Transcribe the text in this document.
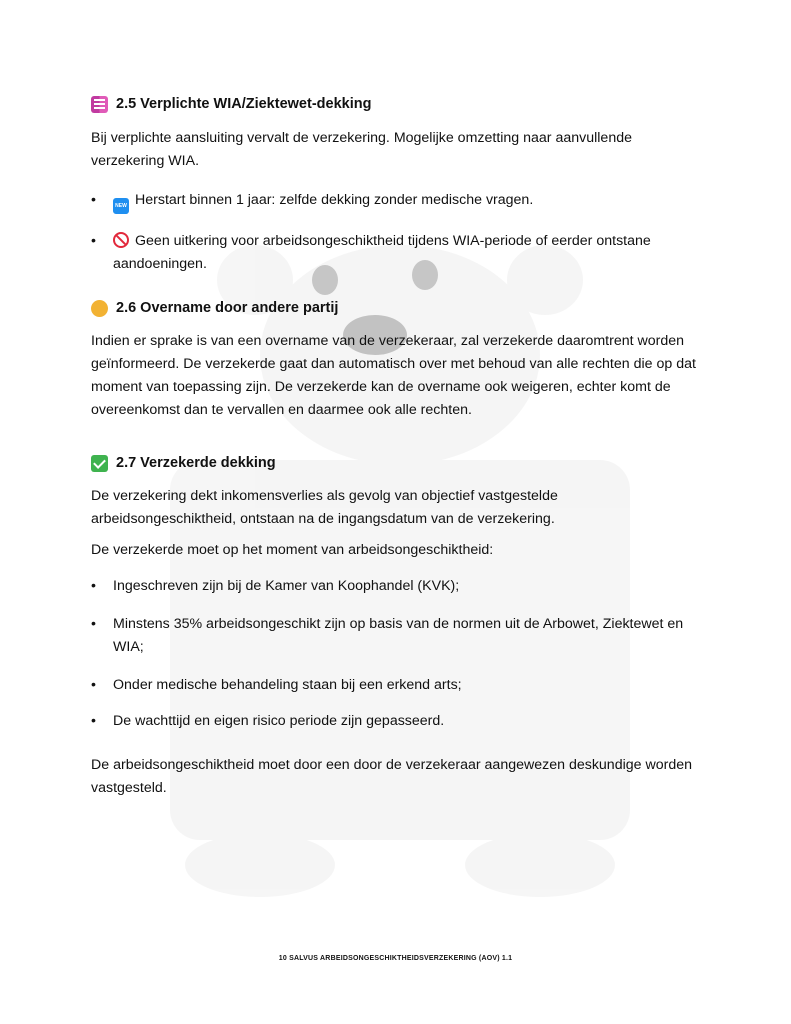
2.5 Verplichte WIA/Ziektewet-dekking

Bij verplichte aansluiting vervalt de verzekering. Mogelijke omzetting naar aanvullende verzekering WIA.

•	NEW Herstart binnen 1 jaar: zelfde dekking zonder medische vragen.

•	Geen uitkering voor arbeidsongeschiktheid tijdens WIA-periode of eerder ontstane aandoeningen.

2.6 Overname door andere partij

Indien er sprake is van een overname van de verzekeraar, zal verzekerde daaromtrent worden geïnformeerd. De verzekerde gaat dan automatisch over met behoud van alle rechten die op dat moment van toepassing zijn. De verzekerde kan de overname ook weigeren, echter komt de overeenkomst dan te vervallen en daarmee ook alle rechten.

2.7 Verzekerde dekking

De verzekering dekt inkomensverlies als gevolg van objectief vastgestelde arbeidsongeschiktheid, ontstaan na de ingangsdatum van de verzekering.

De verzekerde moet op het moment van arbeidsongeschiktheid:

• Ingeschreven zijn bij de Kamer van Koophandel (KVK);

• Minstens 35% arbeidsongeschikt zijn op basis van de normen uit de Arbowet, Ziektewet en WIA;

• Onder medische behandeling staan bij een erkend arts;

• De wachttijd en eigen risico periode zijn gepasseerd.

De arbeidsongeschiktheid moet door een door de verzekeraar aangewezen deskundige worden vastgesteld.

10 SALVUS ARBEIDSONGESCHIKTHEIDSVERZEKERING (AOV) 1.1
